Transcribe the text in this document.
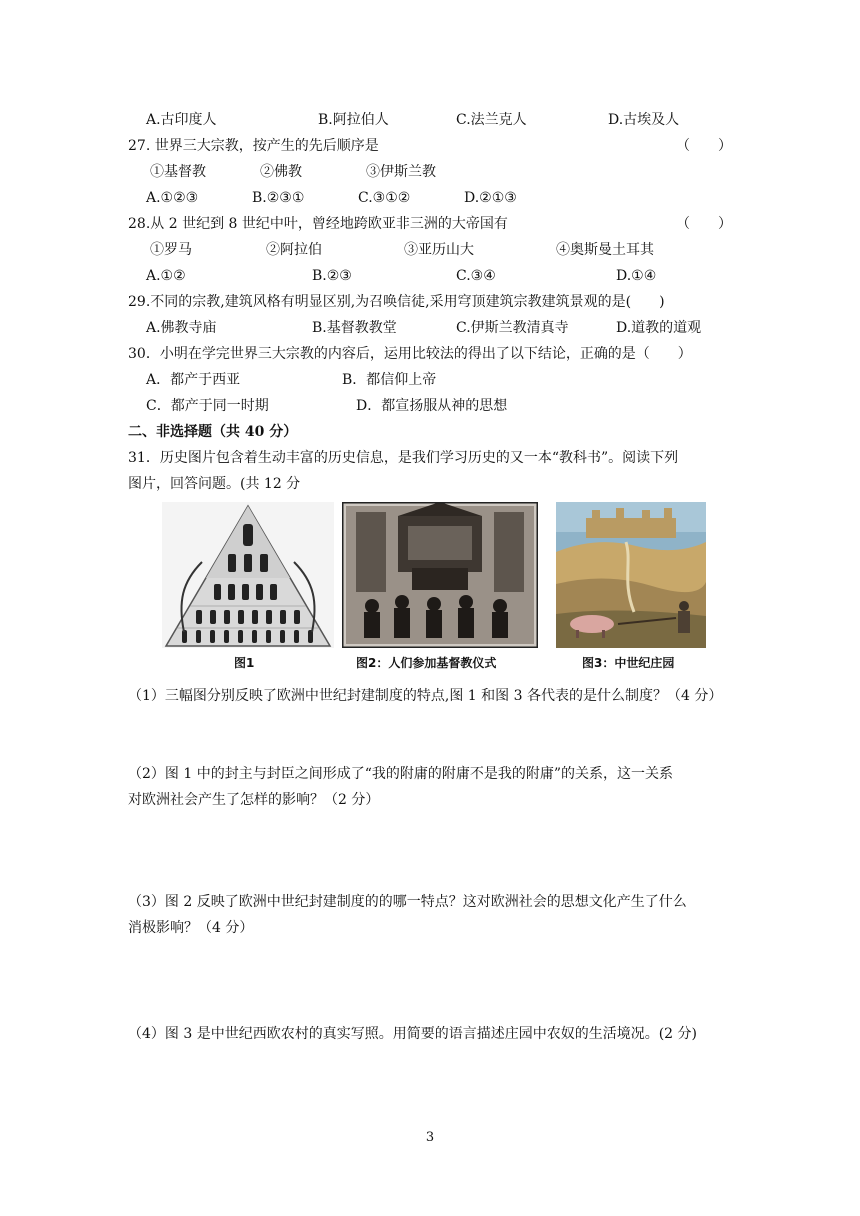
A.古印度人	B.阿拉伯人	C.法兰克人	D.古埃及人
27. 世界三大宗教，按产生的先后顺序是	（　　）
①基督教	②佛教	③伊斯兰教
A.①②③	B.②③①	C.③①②	D.②①③
28.从 2 世纪到 8 世纪中叶，曾经地跨欧亚非三洲的大帝国有	（　　）
①罗马	②阿拉伯	③亚历山大	④奥斯曼土耳其
A.①②	B.②③	C.③④	D.①④
29.不同的宗教,建筑风格有明显区别,为召唤信徒,采用穹顶建筑宗教建筑景观的是(　　)
A.佛教寺庙	B.基督教教堂	C.伊斯兰教清真寺	D.道教的道观
30．小明在学完世界三大宗教的内容后，运用比较法的得出了以下结论，正确的是（　　）
A．都产于西亚	B．都信仰上帝
C．都产于同一时期	D．都宣扬服从神的思想
二、非选择题（共 40 分）
31．历史图片包含着生动丰富的历史信息，是我们学习历史的又一本“教科书”。阅读下列
图片，回答问题。(共 12 分
图1	图2：人们参加基督教仪式	图3：中世纪庄园
（1）三幅图分别反映了欧洲中世纪封建制度的特点,图 1 和图 3 各代表的是什么制度？（4 分）
（2）图 1 中的封主与封臣之间形成了“我的附庸的附庸不是我的附庸”的关系，这一关系
对欧洲社会产生了怎样的影响？（2 分）
（3）图 2 反映了欧洲中世纪封建制度的的哪一特点？这对欧洲社会的思想文化产生了什么
消极影响？（4 分）
（4）图 3 是中世纪西欧农村的真实写照。用简要的语言描述庄园中农奴的生活境况。(2 分)
3
